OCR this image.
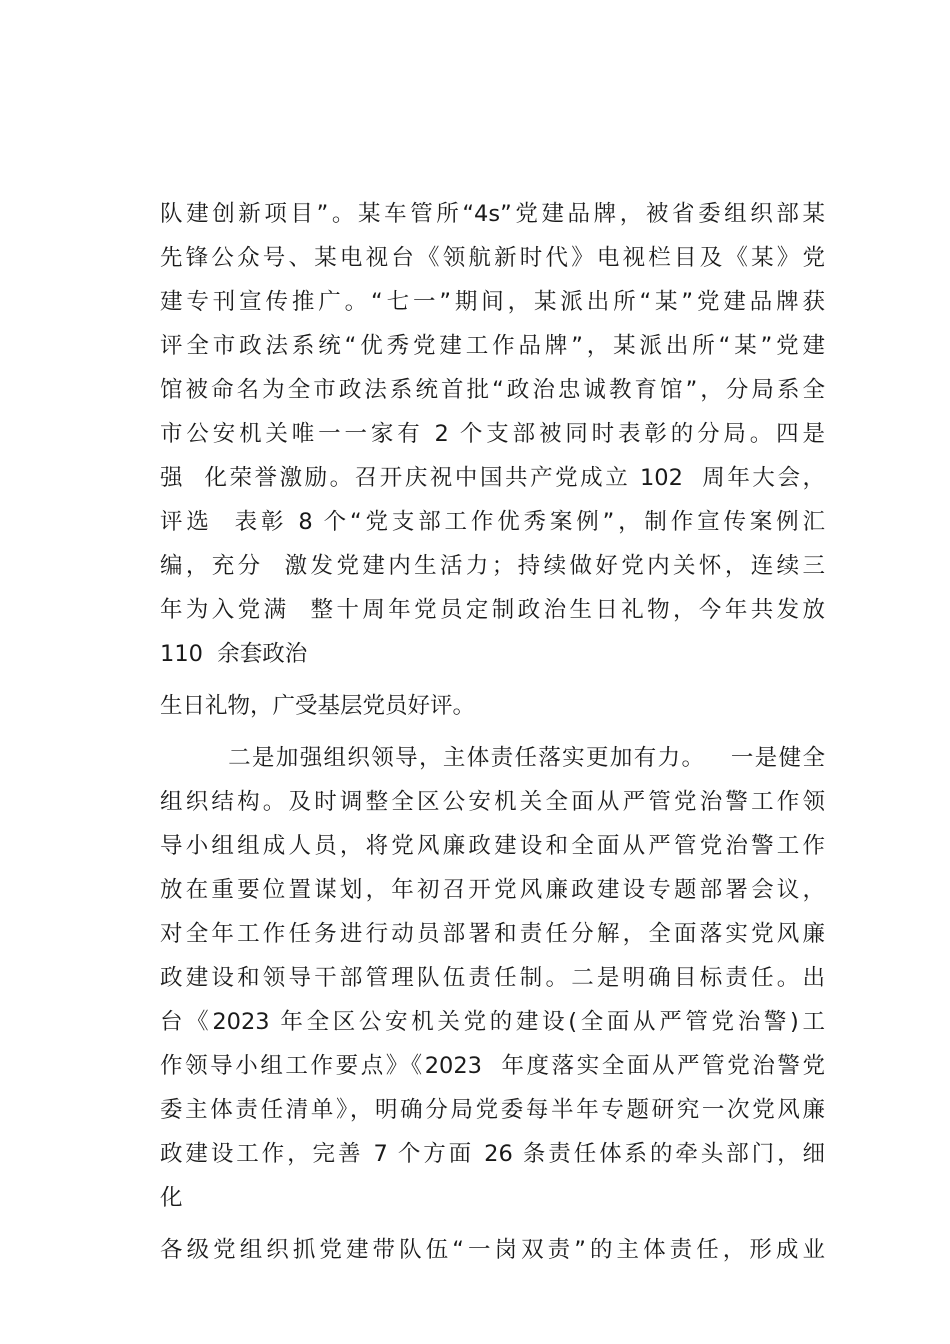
队建创新项目”。某车管所“4s”党建品牌，被省委组织部某
先锋公众号、某电视台《领航新时代》电视栏目及《某》党
建专刊宣传推广。“七一”期间，某派出所“某”党建品牌获
评全市政法系统“优秀党建工作品牌”，某派出所“某”党建
馆被命名为全市政法系统首批“政治忠诚教育馆”，分局系全
市公安机关唯一一家有 2 个支部被同时表彰的分局。四是
强  化荣誉激励。召开庆祝中国共产党成立 102  周年大会，
评选  表彰 8 个“党支部工作优秀案例”，制作宣传案例汇
编，充分  激发党建内生活力；持续做好党内关怀，连续三
年为入党满  整十周年党员定制政治生日礼物，今年共发放
110  余套政治
生日礼物，广受基层党员好评。
二是加强组织领导，主体责任落实更加有力。   一是健全
组织结构。及时调整全区公安机关全面从严管党治警工作领
导小组组成人员，将党风廉政建设和全面从严管党治警工作
放在重要位置谋划，年初召开党风廉政建设专题部署会议，
对全年工作任务进行动员部署和责任分解，全面落实党风廉
政建设和领导干部管理队伍责任制。二是明确目标责任。出
台《2023 年全区公安机关党的建设(全面从严管党治警)工
作领导小组工作要点》《2023  年度落实全面从严管党治警党
委主体责任清单》，明确分局党委每半年专题研究一次党风廉
政建设工作，完善 7 个方面 26 条责任体系的牵头部门，细
化
各级党组织抓党建带队伍“一岗双责”的主体责任，形成业
